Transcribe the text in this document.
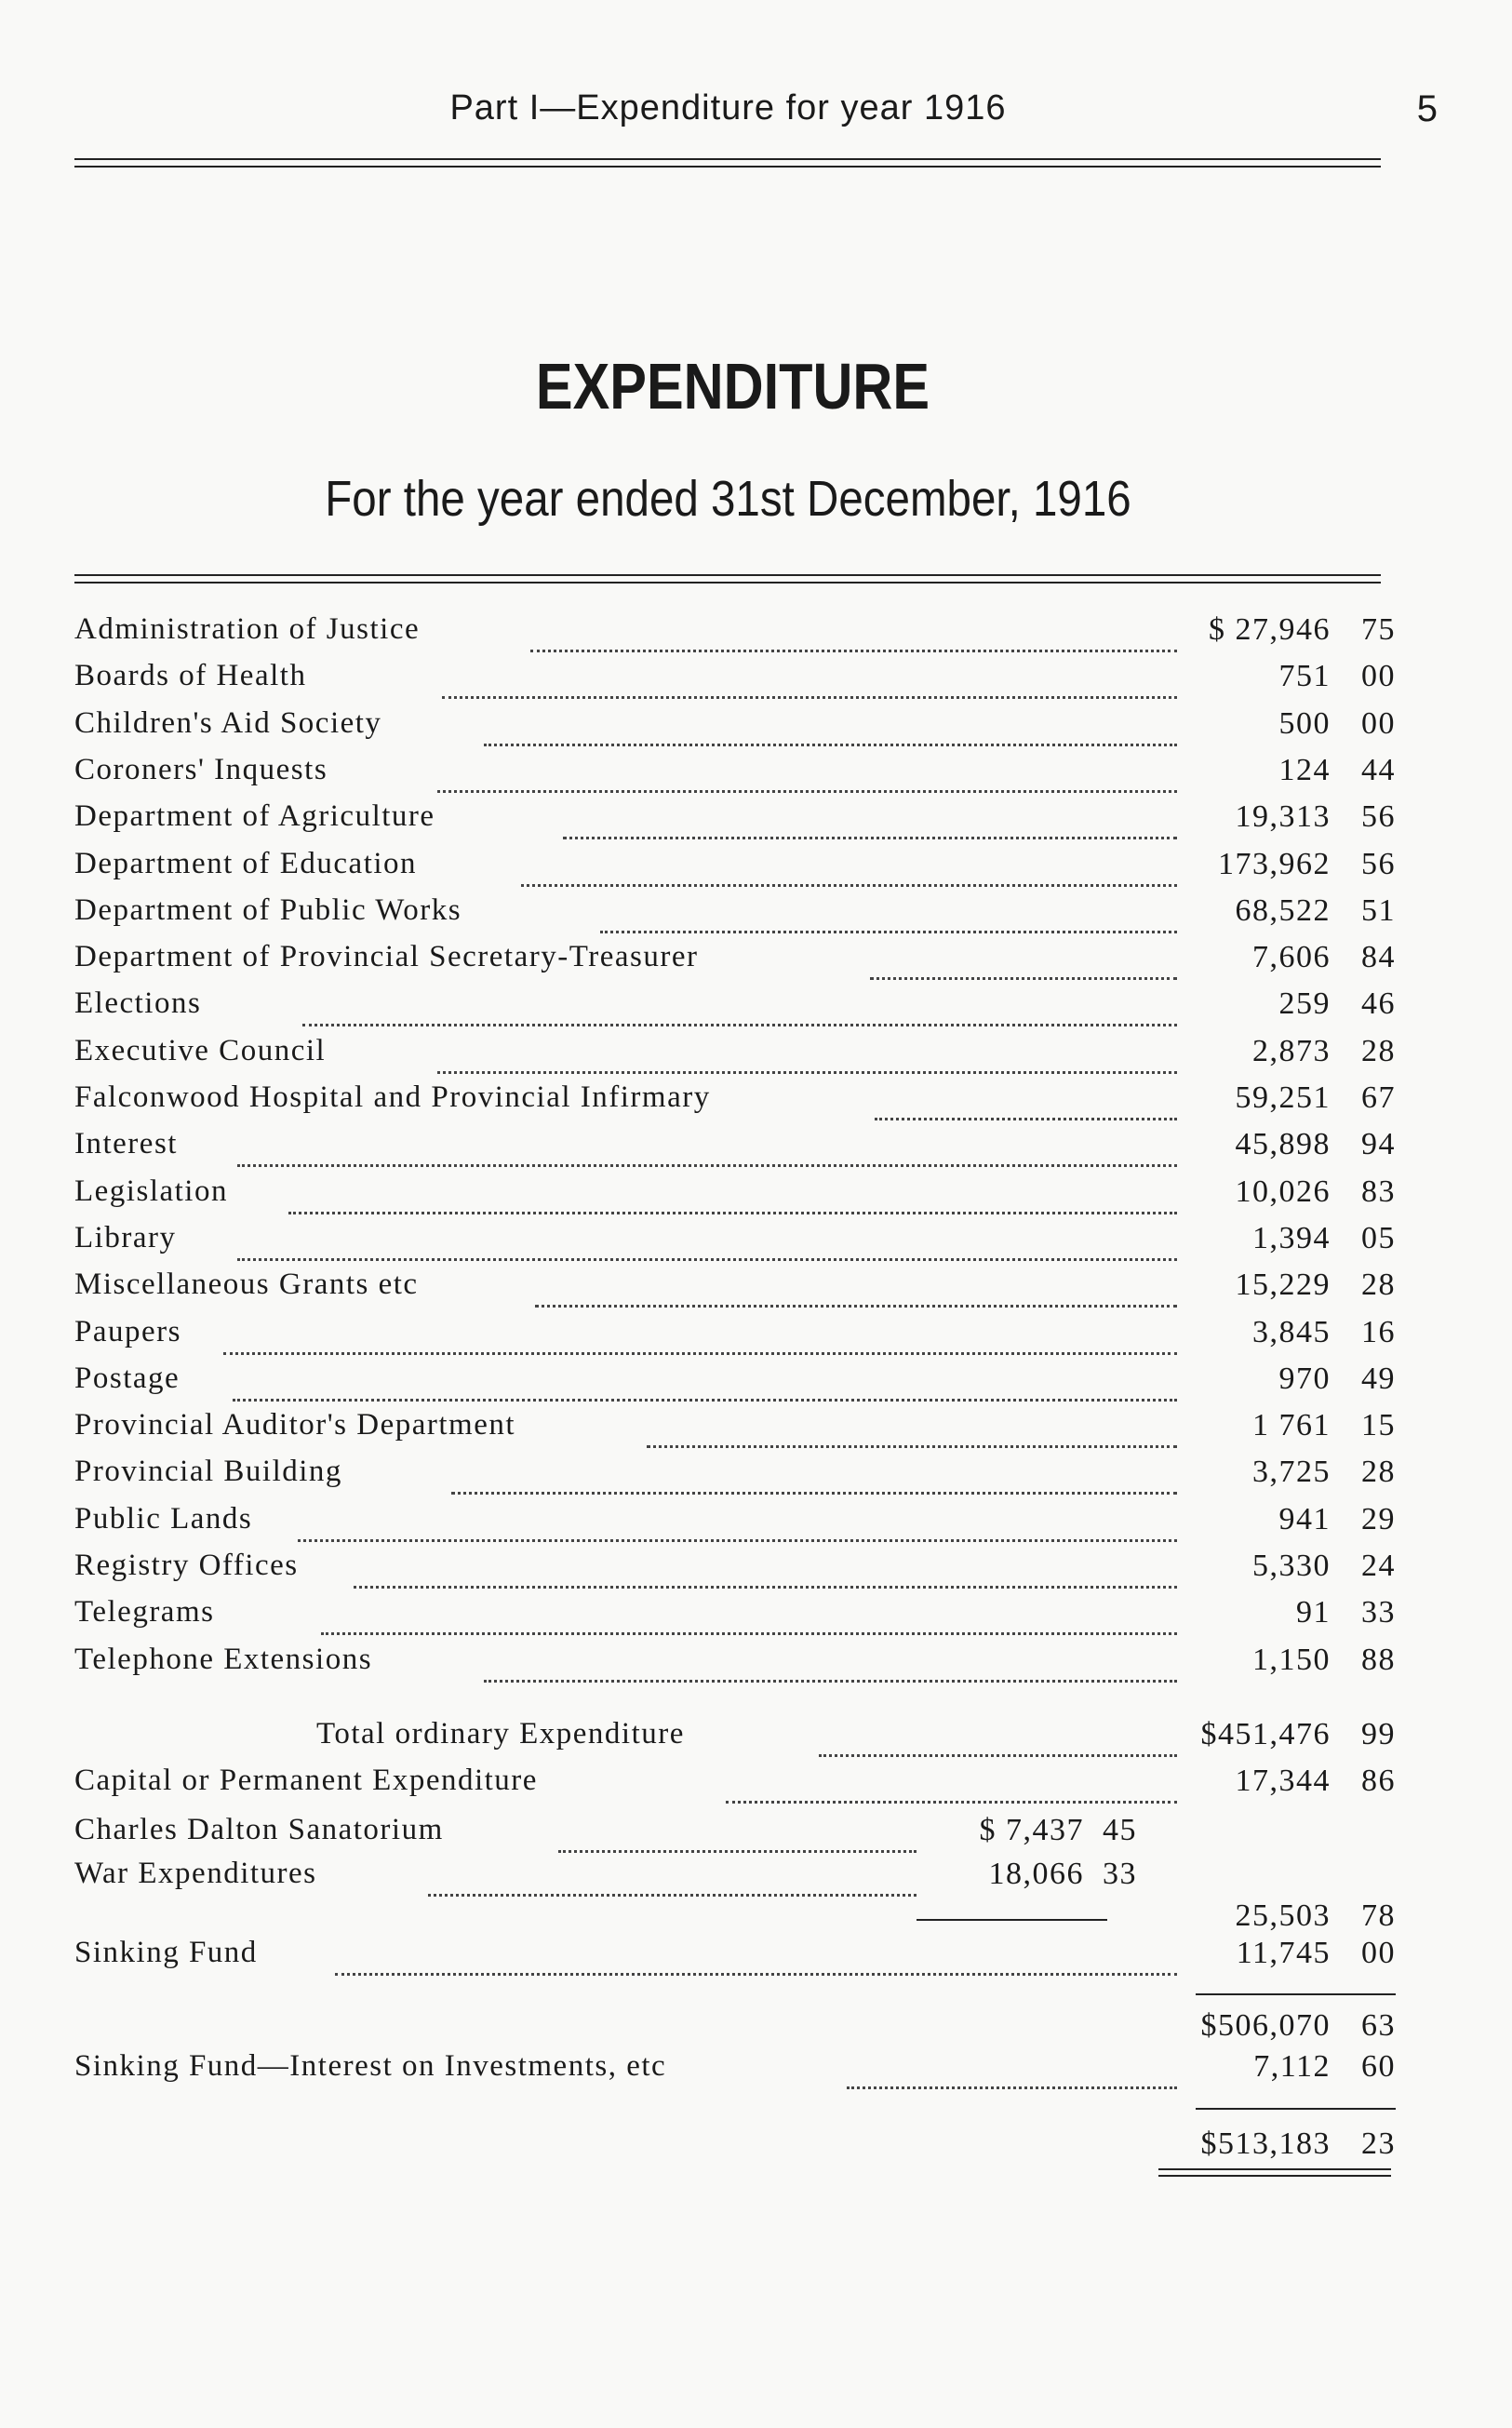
Part I—Expenditure for year 1916	5
EXPENDITURE
For the year ended 31st December, 1916
Administration of Justice	$ 27,946 75
Boards of Health	751 00
Children's Aid Society	500 00
Coroners' Inquests	124 44
Department of Agriculture	19,313 56
Department of Education	173,962 56
Department of Public Works	68,522 51
Department of Provincial Secretary-Treasurer	7,606 84
Elections	259 46
Executive Council	2,873 28
Falconwood Hospital and Provincial Infirmary	59,251 67
Interest	45,898 94
Legislation	10,026 83
Library	1,394 05
Miscellaneous Grants etc	15,229 28
Paupers	3,845 16
Postage	970 49
Provincial Auditor's Department	1 761 15
Provincial Building	3,725 28
Public Lands	941 29
Registry Offices	5,330 24
Telegrams	91 33
Telephone Extensions	1,150 88
Total ordinary Expenditure	$451,476 99
Capital or Permanent Expenditure	17,344 86
Charles Dalton Sanatorium	$ 7,437 45
War Expenditures	18,066 33
25,503 78
Sinking Fund	11,745 00
$506,070 63
Sinking Fund—Interest on Investments, etc	7,112 60
$513,183 23
